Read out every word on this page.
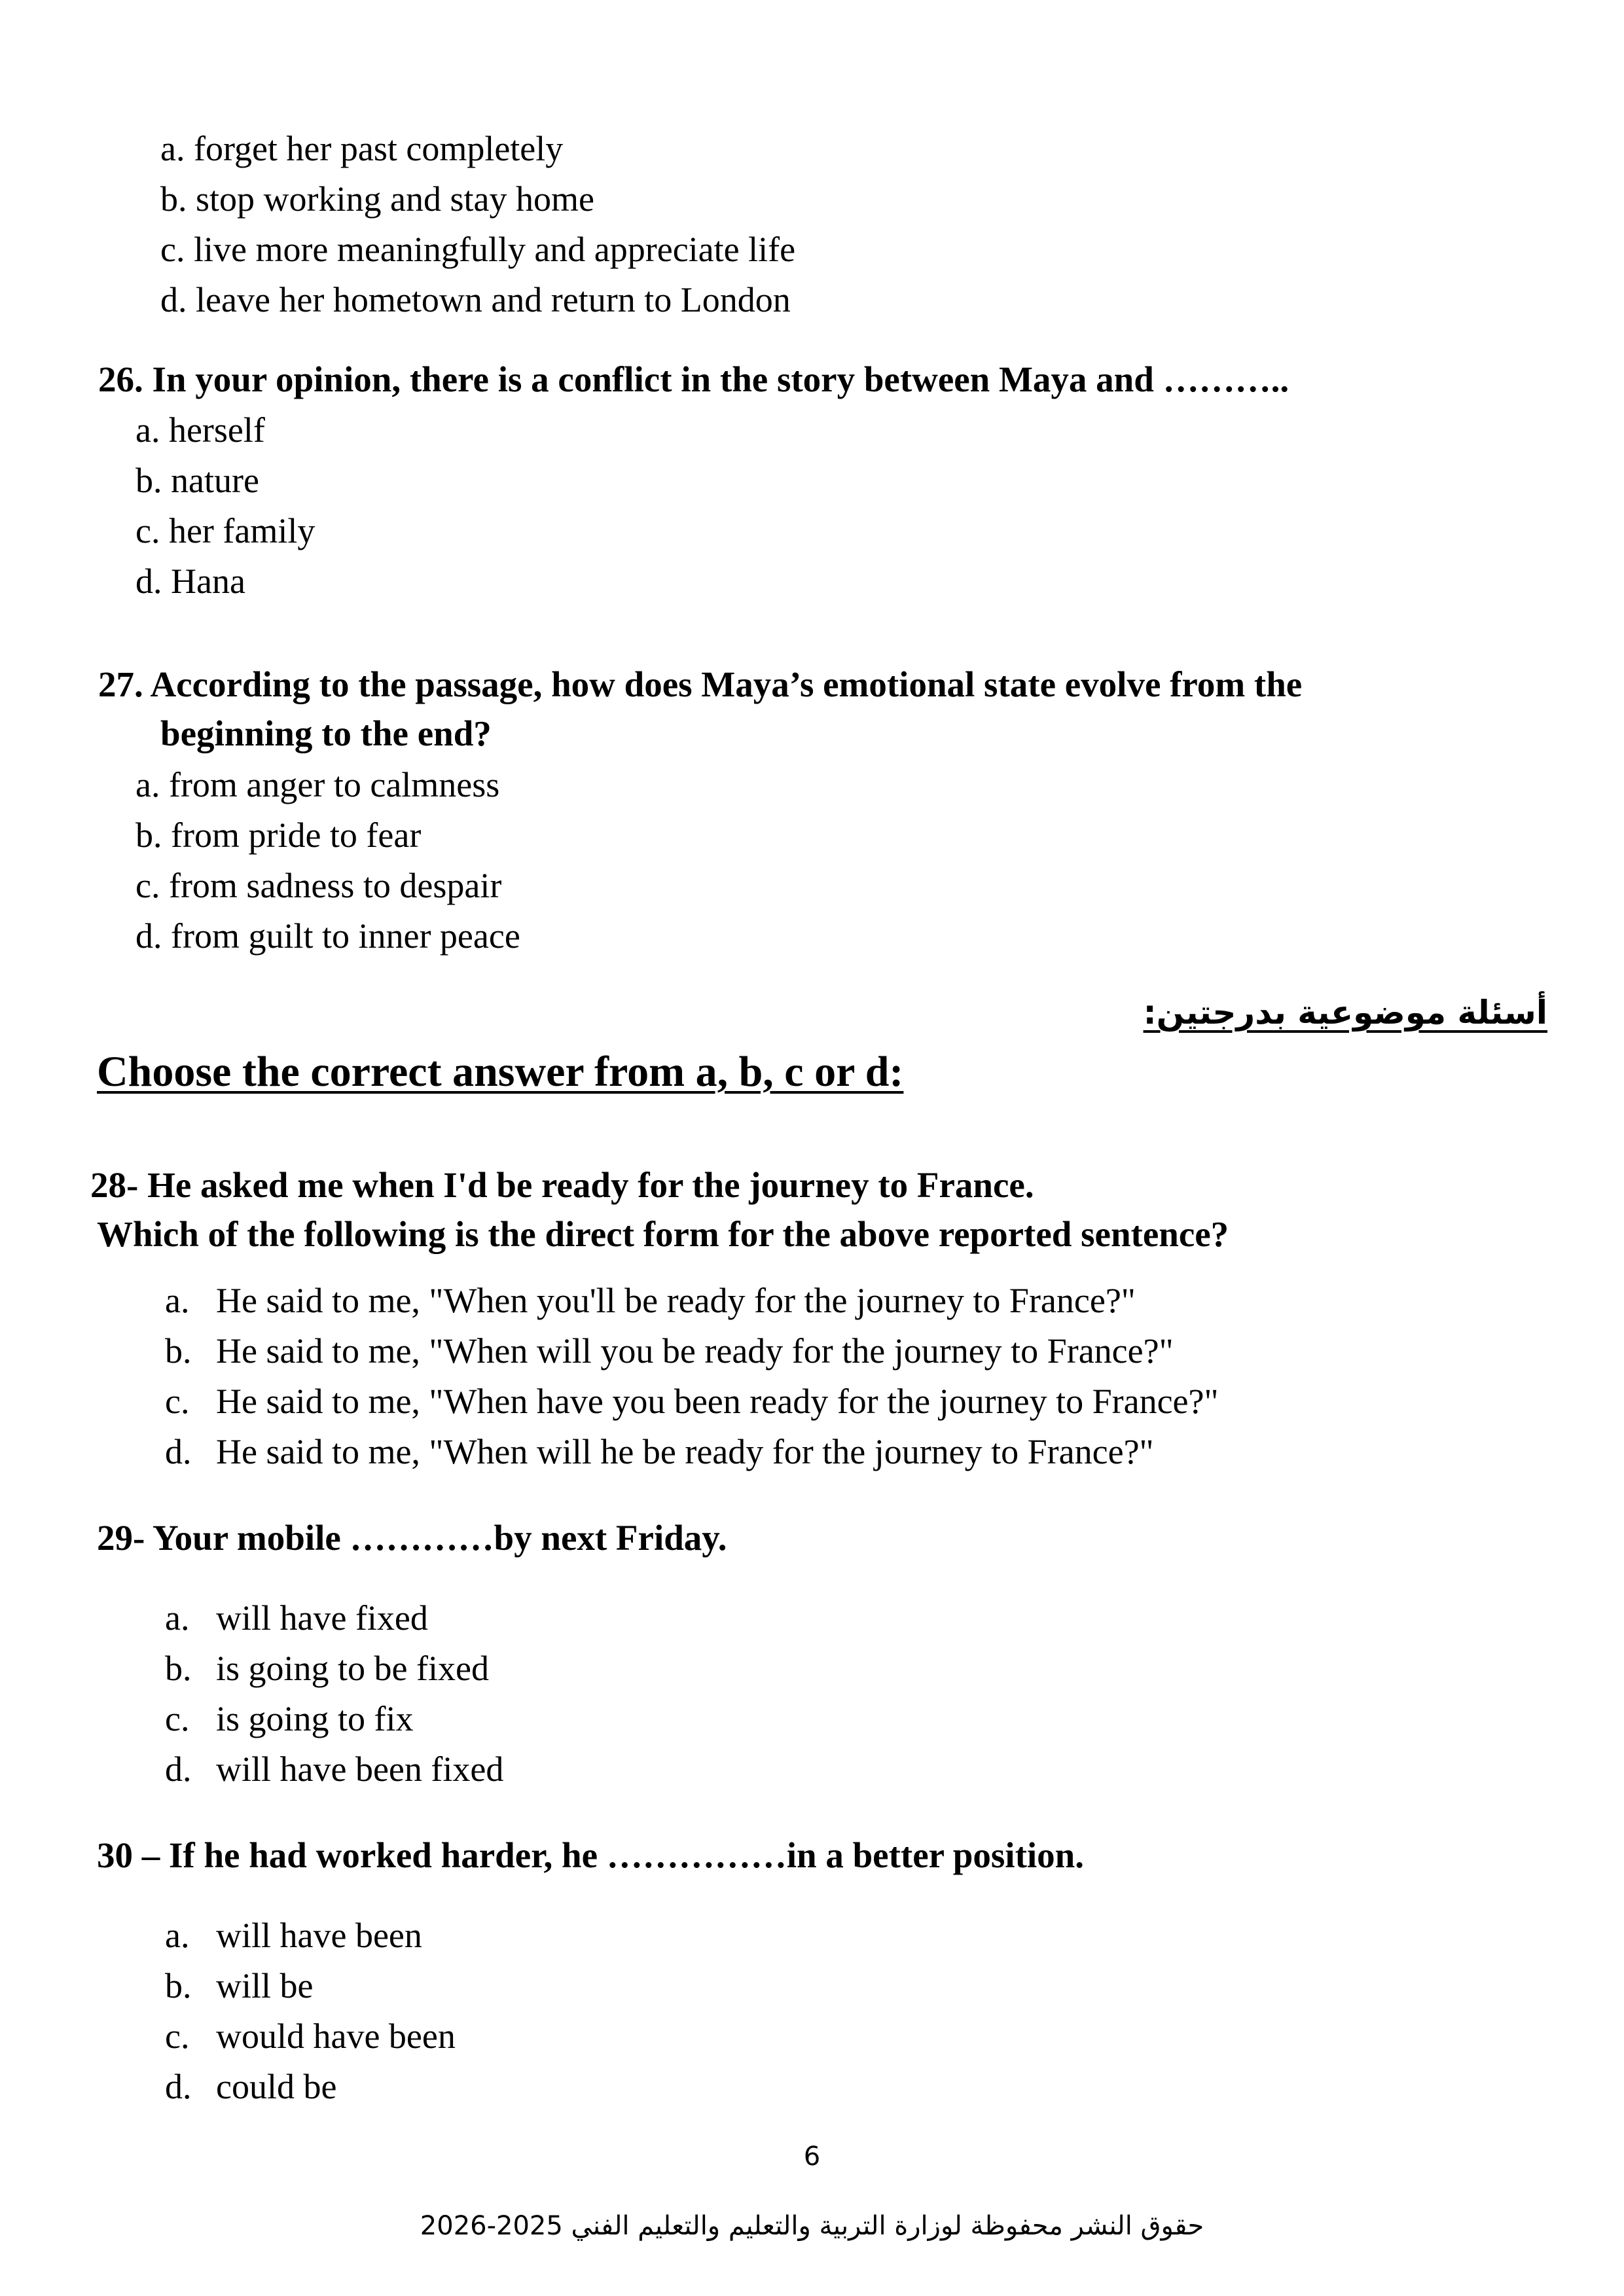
a. forget her past completely
b. stop working and stay home
c. live more meaningfully and appreciate life
d. leave her hometown and return to London
26. In your opinion, there is a conflict in the story between Maya and ………..
a. herself
b. nature
c. her family
d. Hana
27. According to the passage, how does Maya’s emotional state evolve from the
beginning to the end?
a. from anger to calmness
b. from pride to fear
c. from sadness to despair
d. from guilt to inner peace
أسئلة موضوعية بدرجتين:
Choose the correct answer from a, b, c or d:
28- He asked me when I'd be ready for the journey to France.
Which of the following is the direct form for the above reported sentence?
a. He said to me, "When you'll be ready for the journey to France?"
b. He said to me, "When will you be ready for the journey to France?"
c. He said to me, "When have you been ready for the journey to France?"
d. He said to me, "When will he be ready for the journey to France?"
29- Your mobile …………by next Friday.
a. will have fixed
b. is going to be fixed
c. is going to fix
d. will have been fixed
30 – If he had worked harder, he ……………in a better position.
a. will have been
b. will be
c. would have been
d. could be
6
حقوق النشر محفوظة لوزارة التربية والتعليم والتعليم الفني 2025-2026
